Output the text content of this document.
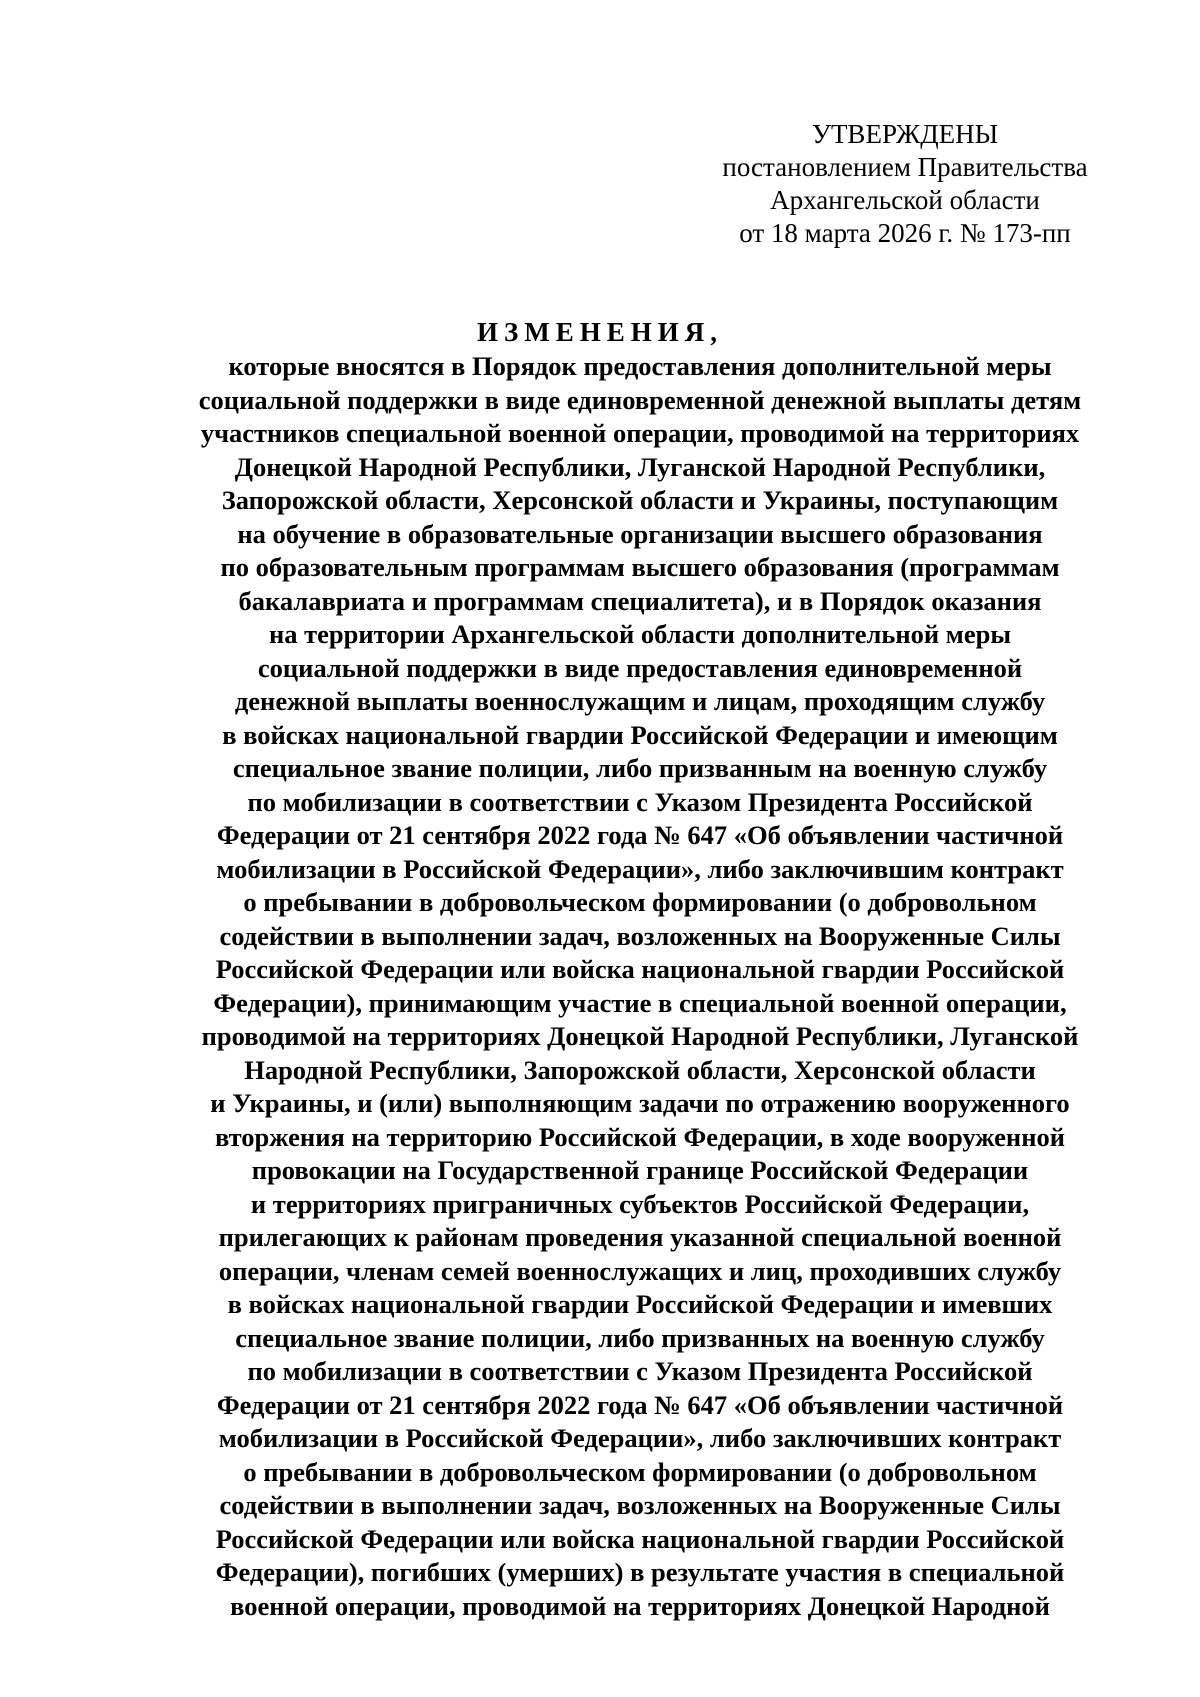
УТВЕРЖДЕНЫ
постановлением Правительства
Архангельской области
от 18 марта 2026 г. № 173-пп
ИЗМЕНЕНИЯ,
которые вносятся в Порядок предоставления дополнительной меры
социальной поддержки в виде единовременной денежной выплаты детям
участников специальной военной операции, проводимой на территориях
Донецкой Народной Республики, Луганской Народной Республики,
Запорожской области, Херсонской области и Украины, поступающим
на обучение в образовательные организации высшего образования
по образовательным программам высшего образования (программам
бакалавриата и программам специалитета), и в Порядок оказания
на территории Архангельской области дополнительной меры
социальной поддержки в виде предоставления единовременной
денежной выплаты военнослужащим и лицам, проходящим службу
в войсках национальной гвардии Российской Федерации и имеющим
специальное звание полиции, либо призванным на военную службу
по мобилизации в соответствии с Указом Президента Российской
Федерации от 21 сентября 2022 года № 647 «Об объявлении частичной
мобилизации в Российской Федерации», либо заключившим контракт
о пребывании в добровольческом формировании (о добровольном
содействии в выполнении задач, возложенных на Вооруженные Силы
Российской Федерации или войска национальной гвардии Российской
Федерации), принимающим участие в специальной военной операции,
проводимой на территориях Донецкой Народной Республики, Луганской
Народной Республики, Запорожской области, Херсонской области
и Украины, и (или) выполняющим задачи по отражению вооруженного
вторжения на территорию Российской Федерации, в ходе вооруженной
провокации на Государственной границе Российской Федерации
и территориях приграничных субъектов Российской Федерации,
прилегающих к районам проведения указанной специальной военной
операции, членам семей военнослужащих и лиц, проходивших службу
в войсках национальной гвардии Российской Федерации и имевших
специальное звание полиции, либо призванных на военную службу
по мобилизации в соответствии с Указом Президента Российской
Федерации от 21 сентября 2022 года № 647 «Об объявлении частичной
мобилизации в Российской Федерации», либо заключивших контракт
о пребывании в добровольческом формировании (о добровольном
содействии в выполнении задач, возложенных на Вооруженные Силы
Российской Федерации или войска национальной гвардии Российской
Федерации), погибших (умерших) в результате участия в специальной
военной операции, проводимой на территориях Донецкой Народной
